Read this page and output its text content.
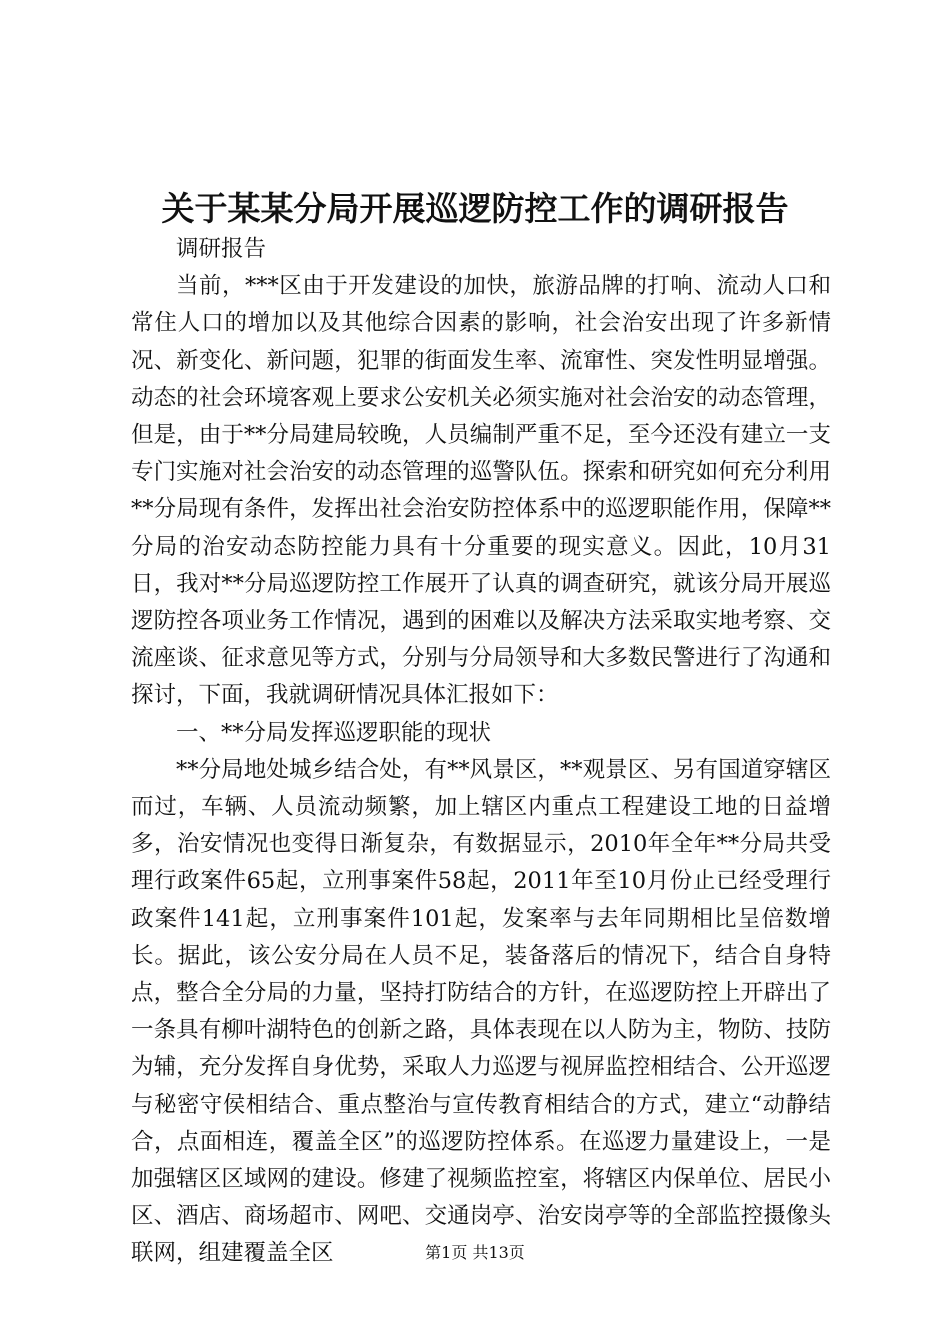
关于某某分局开展巡逻防控工作的调研报告

调研报告

当前，***区由于开发建设的加快，旅游品牌的打响、流动人口和常住人口的增加以及其他综合因素的影响，社会治安出现了许多新情况、新变化、新问题，犯罪的街面发生率、流窜性、突发性明显增强。动态的社会环境客观上要求公安机关必须实施对社会治安的动态管理，但是，由于**分局建局较晚，人员编制严重不足，至今还没有建立一支专门实施对社会治安的动态管理的巡警队伍。探索和研究如何充分利用**分局现有条件，发挥出社会治安防控体系中的巡逻职能作用，保障**分局的治安动态防控能力具有十分重要的现实意义。因此，10月31日，我对**分局巡逻防控工作展开了认真的调查研究，就该分局开展巡逻防控各项业务工作情况，遇到的困难以及解决方法采取实地考察、交流座谈、征求意见等方式，分别与分局领导和大多数民警进行了沟通和探讨，下面，我就调研情况具体汇报如下：

一、**分局发挥巡逻职能的现状

**分局地处城乡结合处，有**风景区，**观景区、另有国道穿辖区而过，车辆、人员流动频繁，加上辖区内重点工程建设工地的日益增多，治安情况也变得日渐复杂，有数据显示，2010年全年**分局共受理行政案件65起，立刑事案件58起，2011年至10月份止已经受理行政案件141起，立刑事案件101起，发案率与去年同期相比呈倍数增长。据此，该公安分局在人员不足，装备落后的情况下，结合自身特点，整合全分局的力量，坚持打防结合的方针，在巡逻防控上开辟出了一条具有柳叶湖特色的创新之路，具体表现在以人防为主，物防、技防为辅，充分发挥自身优势，采取人力巡逻与视屏监控相结合、公开巡逻与秘密守侯相结合、重点整治与宣传教育相结合的方式，建立“动静结合，点面相连，覆盖全区”的巡逻防控体系。在巡逻力量建设上，一是加强辖区区域网的建设。修建了视频监控室，将辖区内保单位、居民小区、酒店、商场超市、网吧、交通岗亭、治安岗亭等的全部监控摄像头联网，组建覆盖全区	第1页 共13页
